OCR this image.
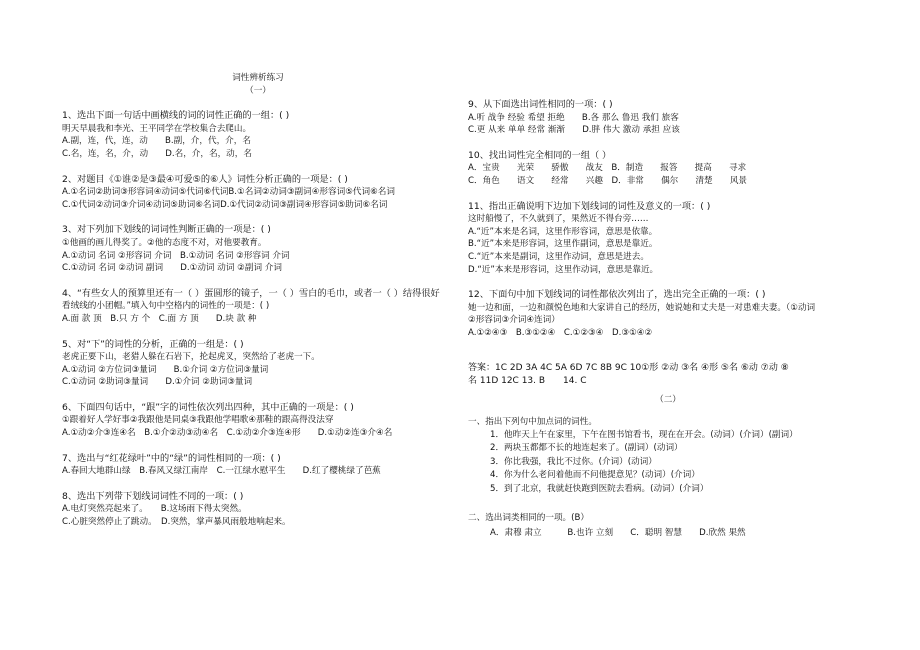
词性辨析练习
（一）

1、选出下面一句话中画横线的词的词性正确的一组：( )

明天早晨我和李光、王平同学在学校集合去爬山。

A.副，连，代，连，动　　B.副，介，代，介，名

C.名，连，名，介，动　　D.名，介，名，动，名

2、对题目《①谁②是③最④可爱⑤的⑥人》词性分析正确的一项是：( )

A.①名词②助词③形容词④动词⑤代词⑥代词B.①名词②动词③副词④形容词⑤代词⑥名词

C.①代词②动词③介词④动词⑤助词⑥名词D.①代词②动词③副词④形容词⑤助词⑥名词

3、对下列加下划线的词词性判断正确的一项是：( )

①他画的画儿得奖了。②他的态度不对，对他要教育。

A.①动词 名词 ②形容词 介词　B.①动词 名词 ②形容词 介词

C.①动词 名词 ②动词 副词　　D.①动词 动词 ②副词 介词

4、“有些女人的预算里还有一（ ）蛋圆形的镜子，一（ ）雪白的毛巾，或者一（ ）结得很好

看绒线的小团帽。”填入句中空格内的词性的一项是：( )

A.面 款 顶　B.只 方 个　C.面 方 顶　　D.块 款 种

5、对“下”的词性的分析，正确的一组是：( )

老虎正要下山，老猎人躲在石岩下，抡起虎叉，突然给了老虎一下。

A.①动词 ②方位词③量词　　B.①介词 ②方位词③量词

C.①动词 ②助词③量词　　D.①介词 ②助词③量词

6、下面四句话中，“跟”字的词性依次列出四种，其中正确的一项是：( )

①跟着好人学好事②我跟他是同桌③我跟他学唱歌④那鞋的跟高得没法穿

A.①动②介③连④名　B.①介②动③动④名　C.①动②介③连④形　　D.①动②连③介④名

7、选出与“红花绿叶”中的“绿”的词性相同的一项：( )

A.春回大地群山绿　B.春风又绿江南岸　C.一江绿水慰平生　　D.红了樱桃绿了芭蕉

8、选出下列带下划线词词性不同的一项：( )

A.电灯突然亮起来了。　　B.这场雨下得太突然。

C.心脏突然停止了跳动。　D.突然，掌声暴风雨般地响起来。

9、从下面选出词性相同的一项：( )

A.听 战争 经验 希望 拒绝　　B.各 那么 鲁迅 我们 旅客

C.更 从来 单单 经常 渐渐　　D.胖 伟大 激动 承担 应该

10、找出词性完全相同的一组（ ）

A．宝贵　　光荣　　骄傲　　战友　B．制造　　报答　　提高　　寻求

C．角色　　语文　　经常　　兴趣　D．非常　　偶尔　　清楚　　风景

11、指出正确说明下边加下划线词的词性及意义的一项：( )

这时船慢了，不久就到了，果然近不得台旁……

A.“近”本来是名词，这里作形容词，意思是依靠。

B.“近”本来是形容词，这里作副词，意思是靠近。

C.“近”本来是副词，这里作动词，意思是进去。

D.“近”本来是形容词，这里作动词，意思是靠近。

12、下面句中加下划线词的词性都依次列出了，选出完全正确的一项：( )

她一边和面，一边和颜悦色地和大家讲自己的经历，她说她和丈夫是一对患难夫妻。（①动词

②形容词③介词④连词）

A.①②④③　B.③①②④　C.①②③④　D.③①④②

答案：1C 2D 3A 4C 5A 6D 7C 8B 9C 10①形 ②动 ③名 ④形 ⑤名 ⑥动 ⑦动 ⑧

名 11D 12C 13. B　　14. C

（二）

一、指出下列句中加点词的词性。

1．他昨天上午在家里，下午在图书馆看书，现在在开会。(动词）(介词）(副词）

2．两块玉都都不长的地连起来了。(副词）(动词）

3．你比我强，我比不过你。(介词）(动词）

4．你为什么老问着他而不问他提意见？(动词）(介词）

5．到了北京，我就赶快跑到医院去看病。(动词）(介词）

二、选出词类相同的一项。(B）

A．肃穆 肃立　　　B.也许 立刻　　C．聪明 智慧　　D.欣然 果然
